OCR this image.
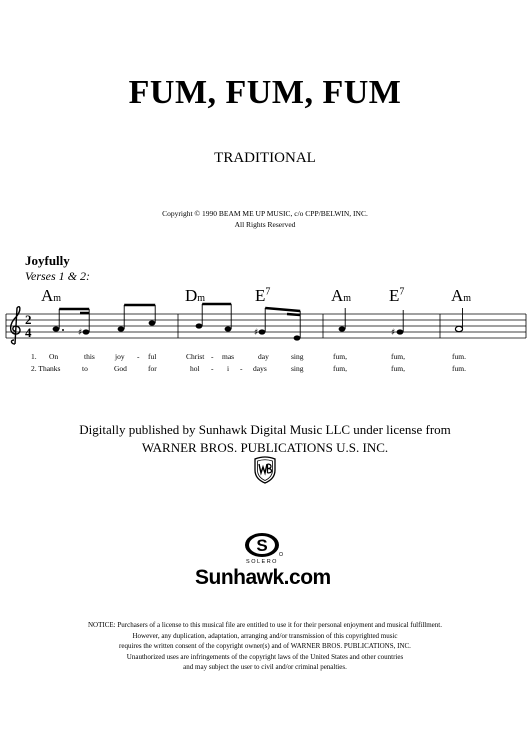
FUM, FUM, FUM
TRADITIONAL
Copyright © 1990 BEAM ME UP MUSIC, c/o CPP/BELWIN, INC.
All Rights Reserved
Joyfully
Verses 1 & 2:
Am	Dm	$E^7$	Am $E^7$	Am
2
4	♯	♯	♯
1. On	this	joy - ful	Christ - mas	day	sing	fum,	fum,	fum.
2. Thanks	to	God	for	hol - i - days	sing	fum,	fum,	fum.
Digitally published by Sunhawk Digital Music LLC under license from
WARNER BROS. PUBLICATIONS U.S. INC.
S
SOLERO
Sunhawk.com
NOTICE: Purchasers of a license to this musical file are entitled to use it for their personal enjoyment and musical fulfillment.
However, any duplication, adaptation, arranging and/or transmission of this copyrighted music
requires the written consent of the copyright owner(s) and of WARNER BROS. PUBLICATIONS, INC.
Unauthorized uses are infringements of the copyright laws of the United States and other countries
and may subject the user to civil and/or criminal penalties.
